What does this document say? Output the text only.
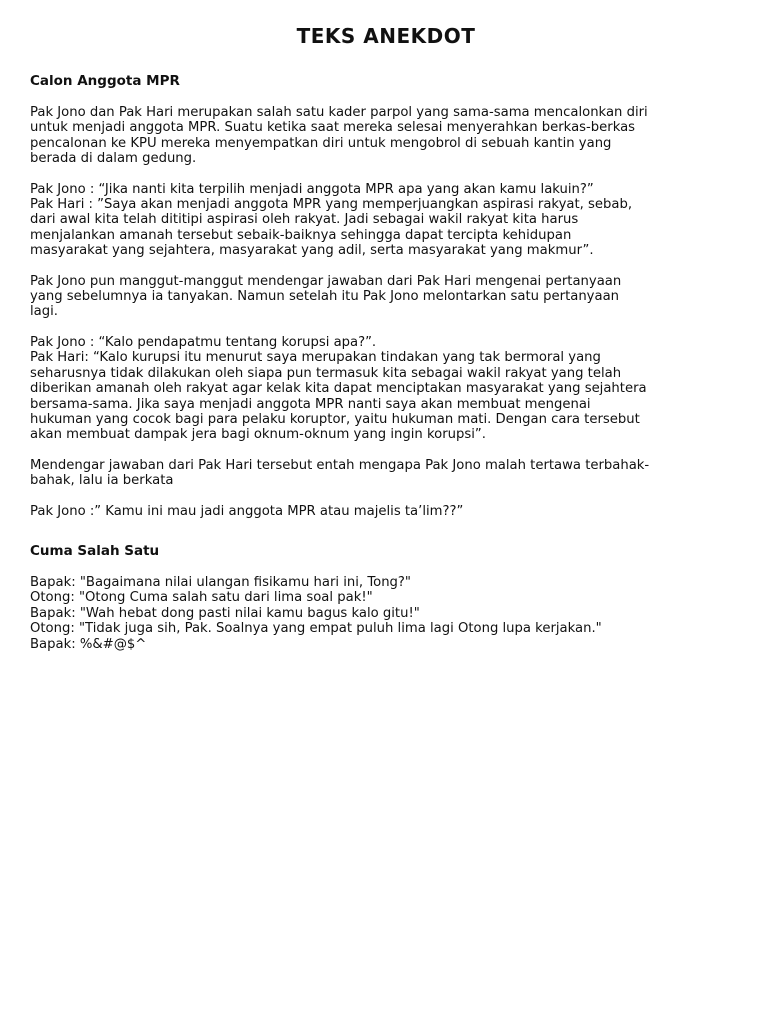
TEKS ANEKDOT
Calon Anggota MPR
Pak Jono dan Pak Hari merupakan salah satu kader parpol yang sama-sama mencalonkan diri
untuk menjadi anggota MPR. Suatu ketika saat mereka selesai menyerahkan berkas-berkas
pencalonan ke KPU mereka menyempatkan diri untuk mengobrol di sebuah kantin yang
berada di dalam gedung.
Pak Jono : “Jika nanti kita terpilih menjadi anggota MPR apa yang akan kamu lakuin?”
Pak Hari : ”Saya akan menjadi anggota MPR yang memperjuangkan aspirasi rakyat, sebab,
dari awal kita telah dititipi aspirasi oleh rakyat. Jadi sebagai wakil rakyat kita harus
menjalankan amanah tersebut sebaik-baiknya sehingga dapat tercipta kehidupan
masyarakat yang sejahtera, masyarakat yang adil, serta masyarakat yang makmur”.
Pak Jono pun manggut-manggut mendengar jawaban dari Pak Hari mengenai pertanyaan
yang sebelumnya ia tanyakan. Namun setelah itu Pak Jono melontarkan satu pertanyaan
lagi.
Pak Jono : “Kalo pendapatmu tentang korupsi apa?”.
Pak Hari: “Kalo kurupsi itu menurut saya merupakan tindakan yang tak bermoral yang
seharusnya tidak dilakukan oleh siapa pun termasuk kita sebagai wakil rakyat yang telah
diberikan amanah oleh rakyat agar kelak kita dapat menciptakan masyarakat yang sejahtera
bersama-sama. Jika saya menjadi anggota MPR nanti saya akan membuat mengenai
hukuman yang cocok bagi para pelaku koruptor, yaitu hukuman mati. Dengan cara tersebut
akan membuat dampak jera bagi oknum-oknum yang ingin korupsi”.
Mendengar jawaban dari Pak Hari tersebut entah mengapa Pak Jono malah tertawa terbahak-
bahak, lalu ia berkata
Pak Jono :” Kamu ini mau jadi anggota MPR atau majelis ta’lim??”
Cuma Salah Satu
Bapak: "Bagaimana nilai ulangan fisikamu hari ini, Tong?"
Otong: "Otong Cuma salah satu dari lima soal pak!"
Bapak: "Wah hebat dong pasti nilai kamu bagus kalo gitu!"
Otong: "Tidak juga sih, Pak. Soalnya yang empat puluh lima lagi Otong lupa kerjakan."
Bapak: %&#@$^
